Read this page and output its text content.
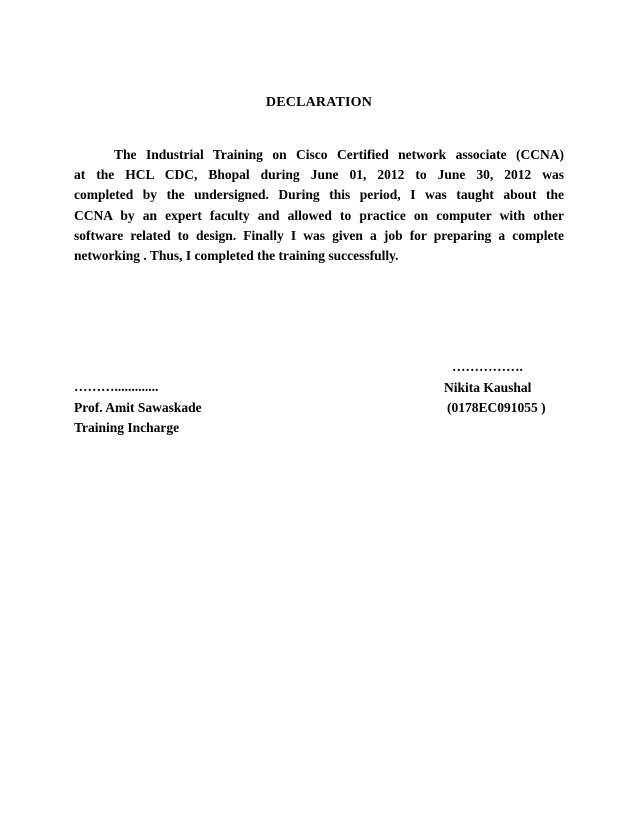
DECLARATION
The Industrial Training on Cisco Certified network associate (CCNA)
at the HCL CDC, Bhopal during June 01, 2012 to June 30, 2012 was
completed by the undersigned. During this period, I was taught about the
CCNA by an expert faculty and allowed to practice on computer with other
software related to design. Finally I was given a job for preparing a complete
networking . Thus, I completed the training successfully.
……….............
Prof. Amit Sawaskade
Training Incharge
…………….
Nikita Kaushal
(0178EC091055 )
